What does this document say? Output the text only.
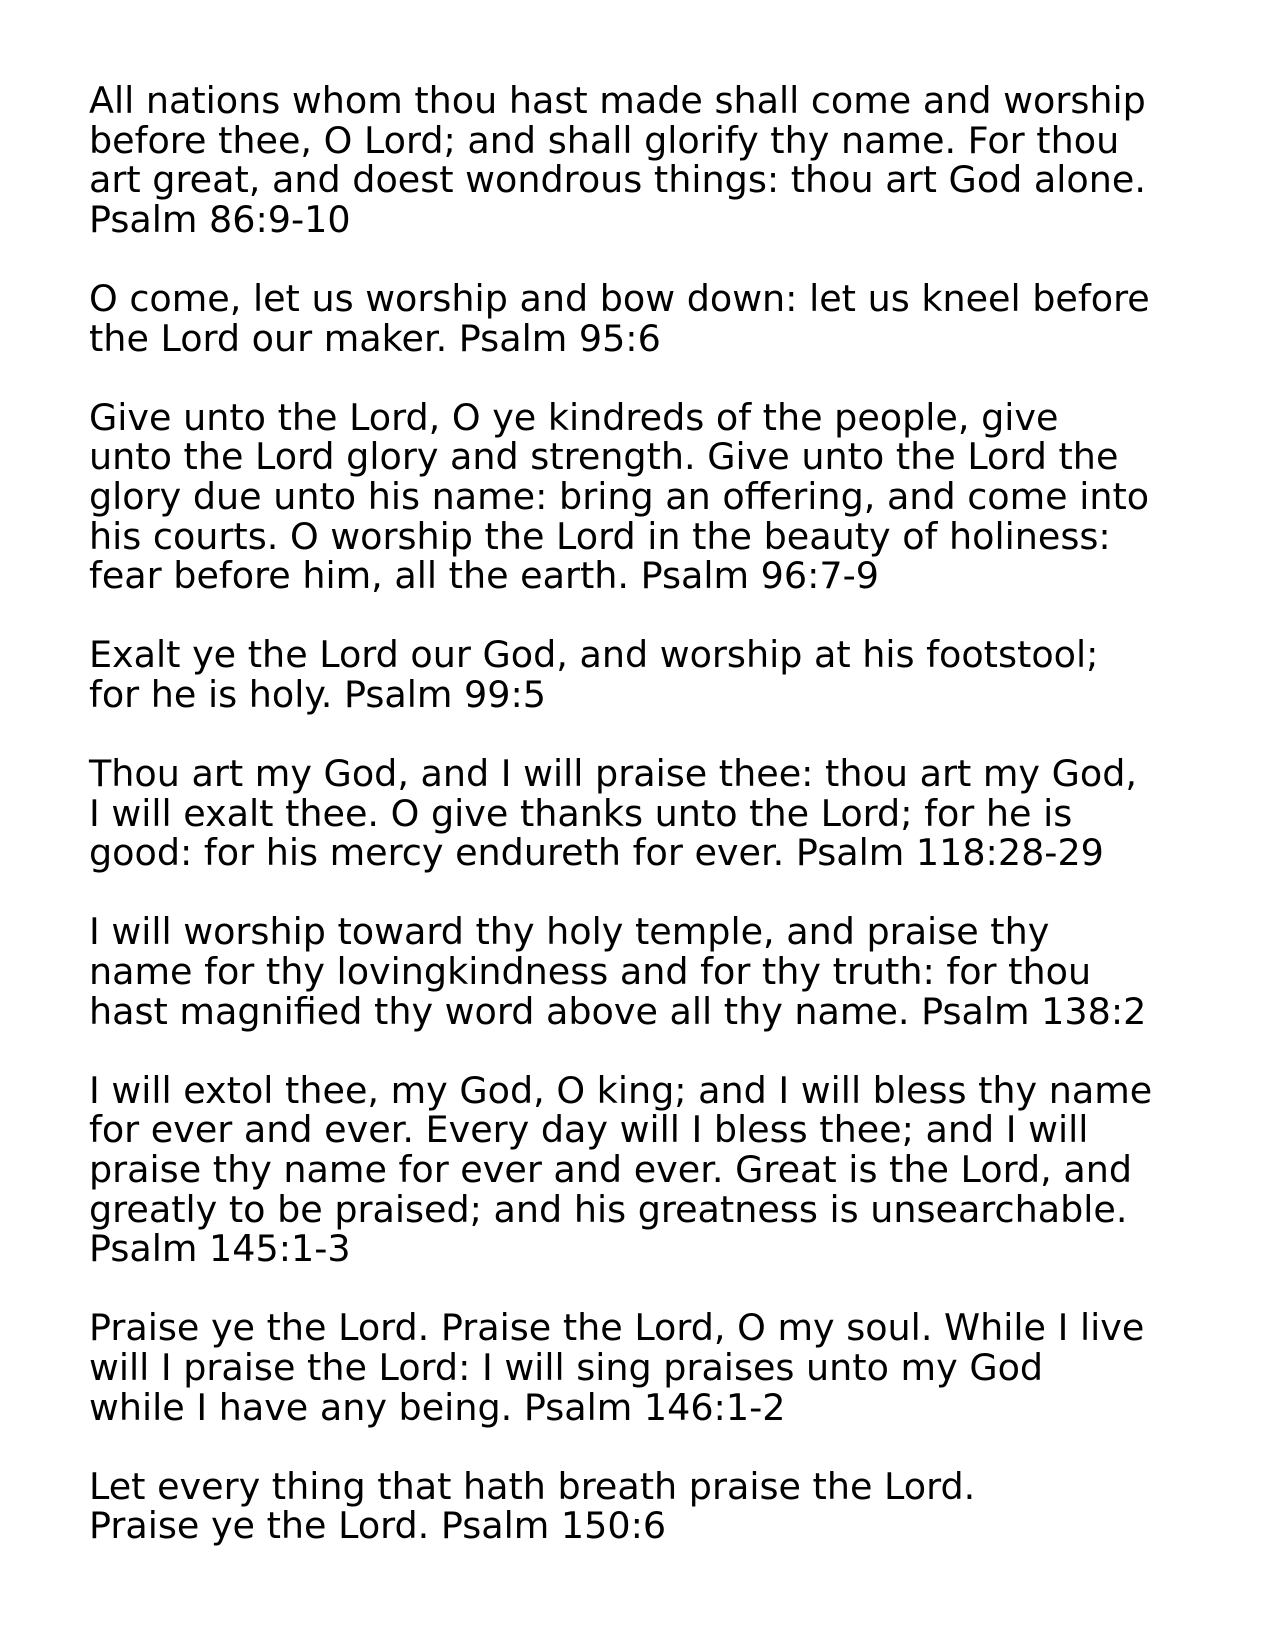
All nations whom thou hast made shall come and worship
before thee, O Lord; and shall glorify thy name. For thou
art great, and doest wondrous things: thou art God alone.
Psalm 86:9-10
O come, let us worship and bow down: let us kneel before
the Lord our maker. Psalm 95:6
Give unto the Lord, O ye kindreds of the people, give
unto the Lord glory and strength. Give unto the Lord the
glory due unto his name: bring an offering, and come into
his courts. O worship the Lord in the beauty of holiness:
fear before him, all the earth. Psalm 96:7-9
Exalt ye the Lord our God, and worship at his footstool;
for he is holy. Psalm 99:5
Thou art my God, and I will praise thee: thou art my God,
I will exalt thee. O give thanks unto the Lord; for he is
good: for his mercy endureth for ever. Psalm 118:28-29
I will worship toward thy holy temple, and praise thy
name for thy lovingkindness and for thy truth: for thou
hast magnified thy word above all thy name. Psalm 138:2
I will extol thee, my God, O king; and I will bless thy name
for ever and ever. Every day will I bless thee; and I will
praise thy name for ever and ever. Great is the Lord, and
greatly to be praised; and his greatness is unsearchable.
Psalm 145:1-3
Praise ye the Lord. Praise the Lord, O my soul. While I live
will I praise the Lord: I will sing praises unto my God
while I have any being. Psalm 146:1-2
Let every thing that hath breath praise the Lord.
Praise ye the Lord. Psalm 150:6
